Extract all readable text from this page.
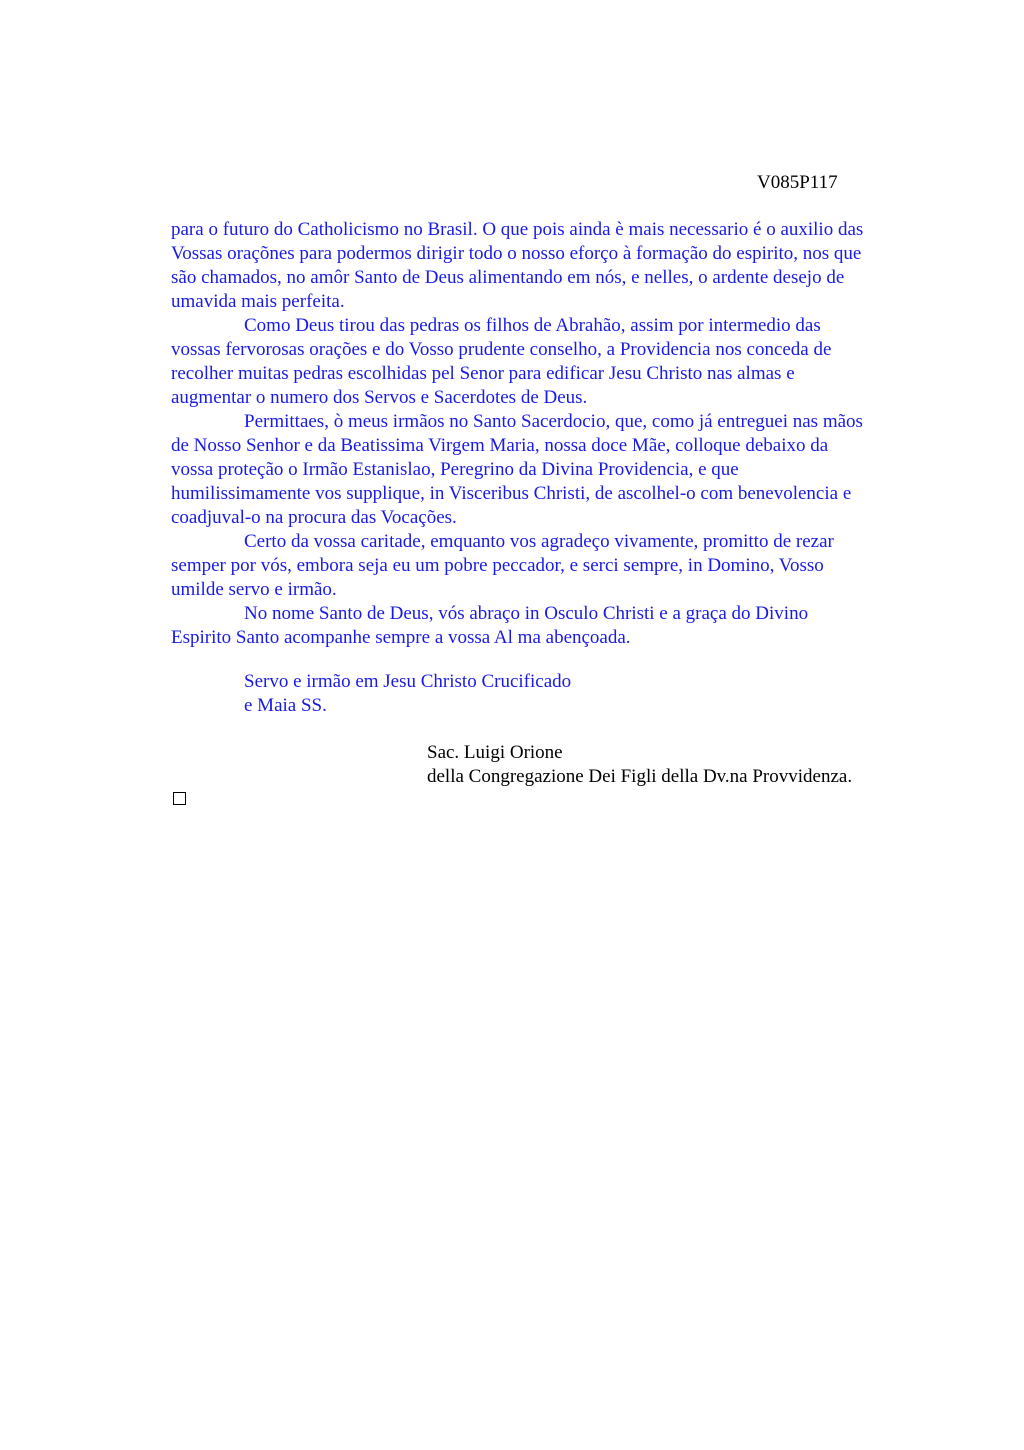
V085P117
para o futuro do Catholicismo no Brasil. O que pois ainda è mais necessario é o auxilio das
Vossas oraçõnes para podermos dirigir todo o nosso eforço à formação do espirito, nos que
são chamados, no amôr Santo de Deus alimentando em nós, e nelles, o ardente desejo de
umavida mais perfeita.
Como Deus tirou das pedras os filhos de Abrahão, assim por intermedio das
vossas fervorosas orações e do Vosso prudente conselho, a Providencia nos conceda de
recolher muitas pedras escolhidas pel Senor para edificar Jesu Christo nas almas e
augmentar o numero dos Servos e Sacerdotes de Deus.
Permittaes, ò meus irmãos no Santo Sacerdocio, que, como já entreguei nas mãos
de Nosso Senhor e da Beatissima Virgem Maria, nossa doce Mãe, colloque debaixo da
vossa proteção o Irmão Estanislao, Peregrino da Divina Providencia, e que
humilissimamente vos supplique, in Visceribus Christi, de ascolhel-o com benevolencia e
coadjuval-o na procura das Vocações.
Certo da vossa caritade, emquanto vos agradeço vivamente, promitto de rezar
semper por vós, embora seja eu um pobre peccador, e serci sempre, in Domino, Vosso
umilde servo e irmão.
No nome Santo de Deus, vós abraço in Osculo Christi e a graça do Divino
Espirito Santo acompanhe sempre a vossa Al ma abençoada.
Servo e irmão em Jesu Christo Crucificado
e Maia SS.
Sac. Luigi Orione
della Congregazione Dei Figli della Dv.na Provvidenza.
